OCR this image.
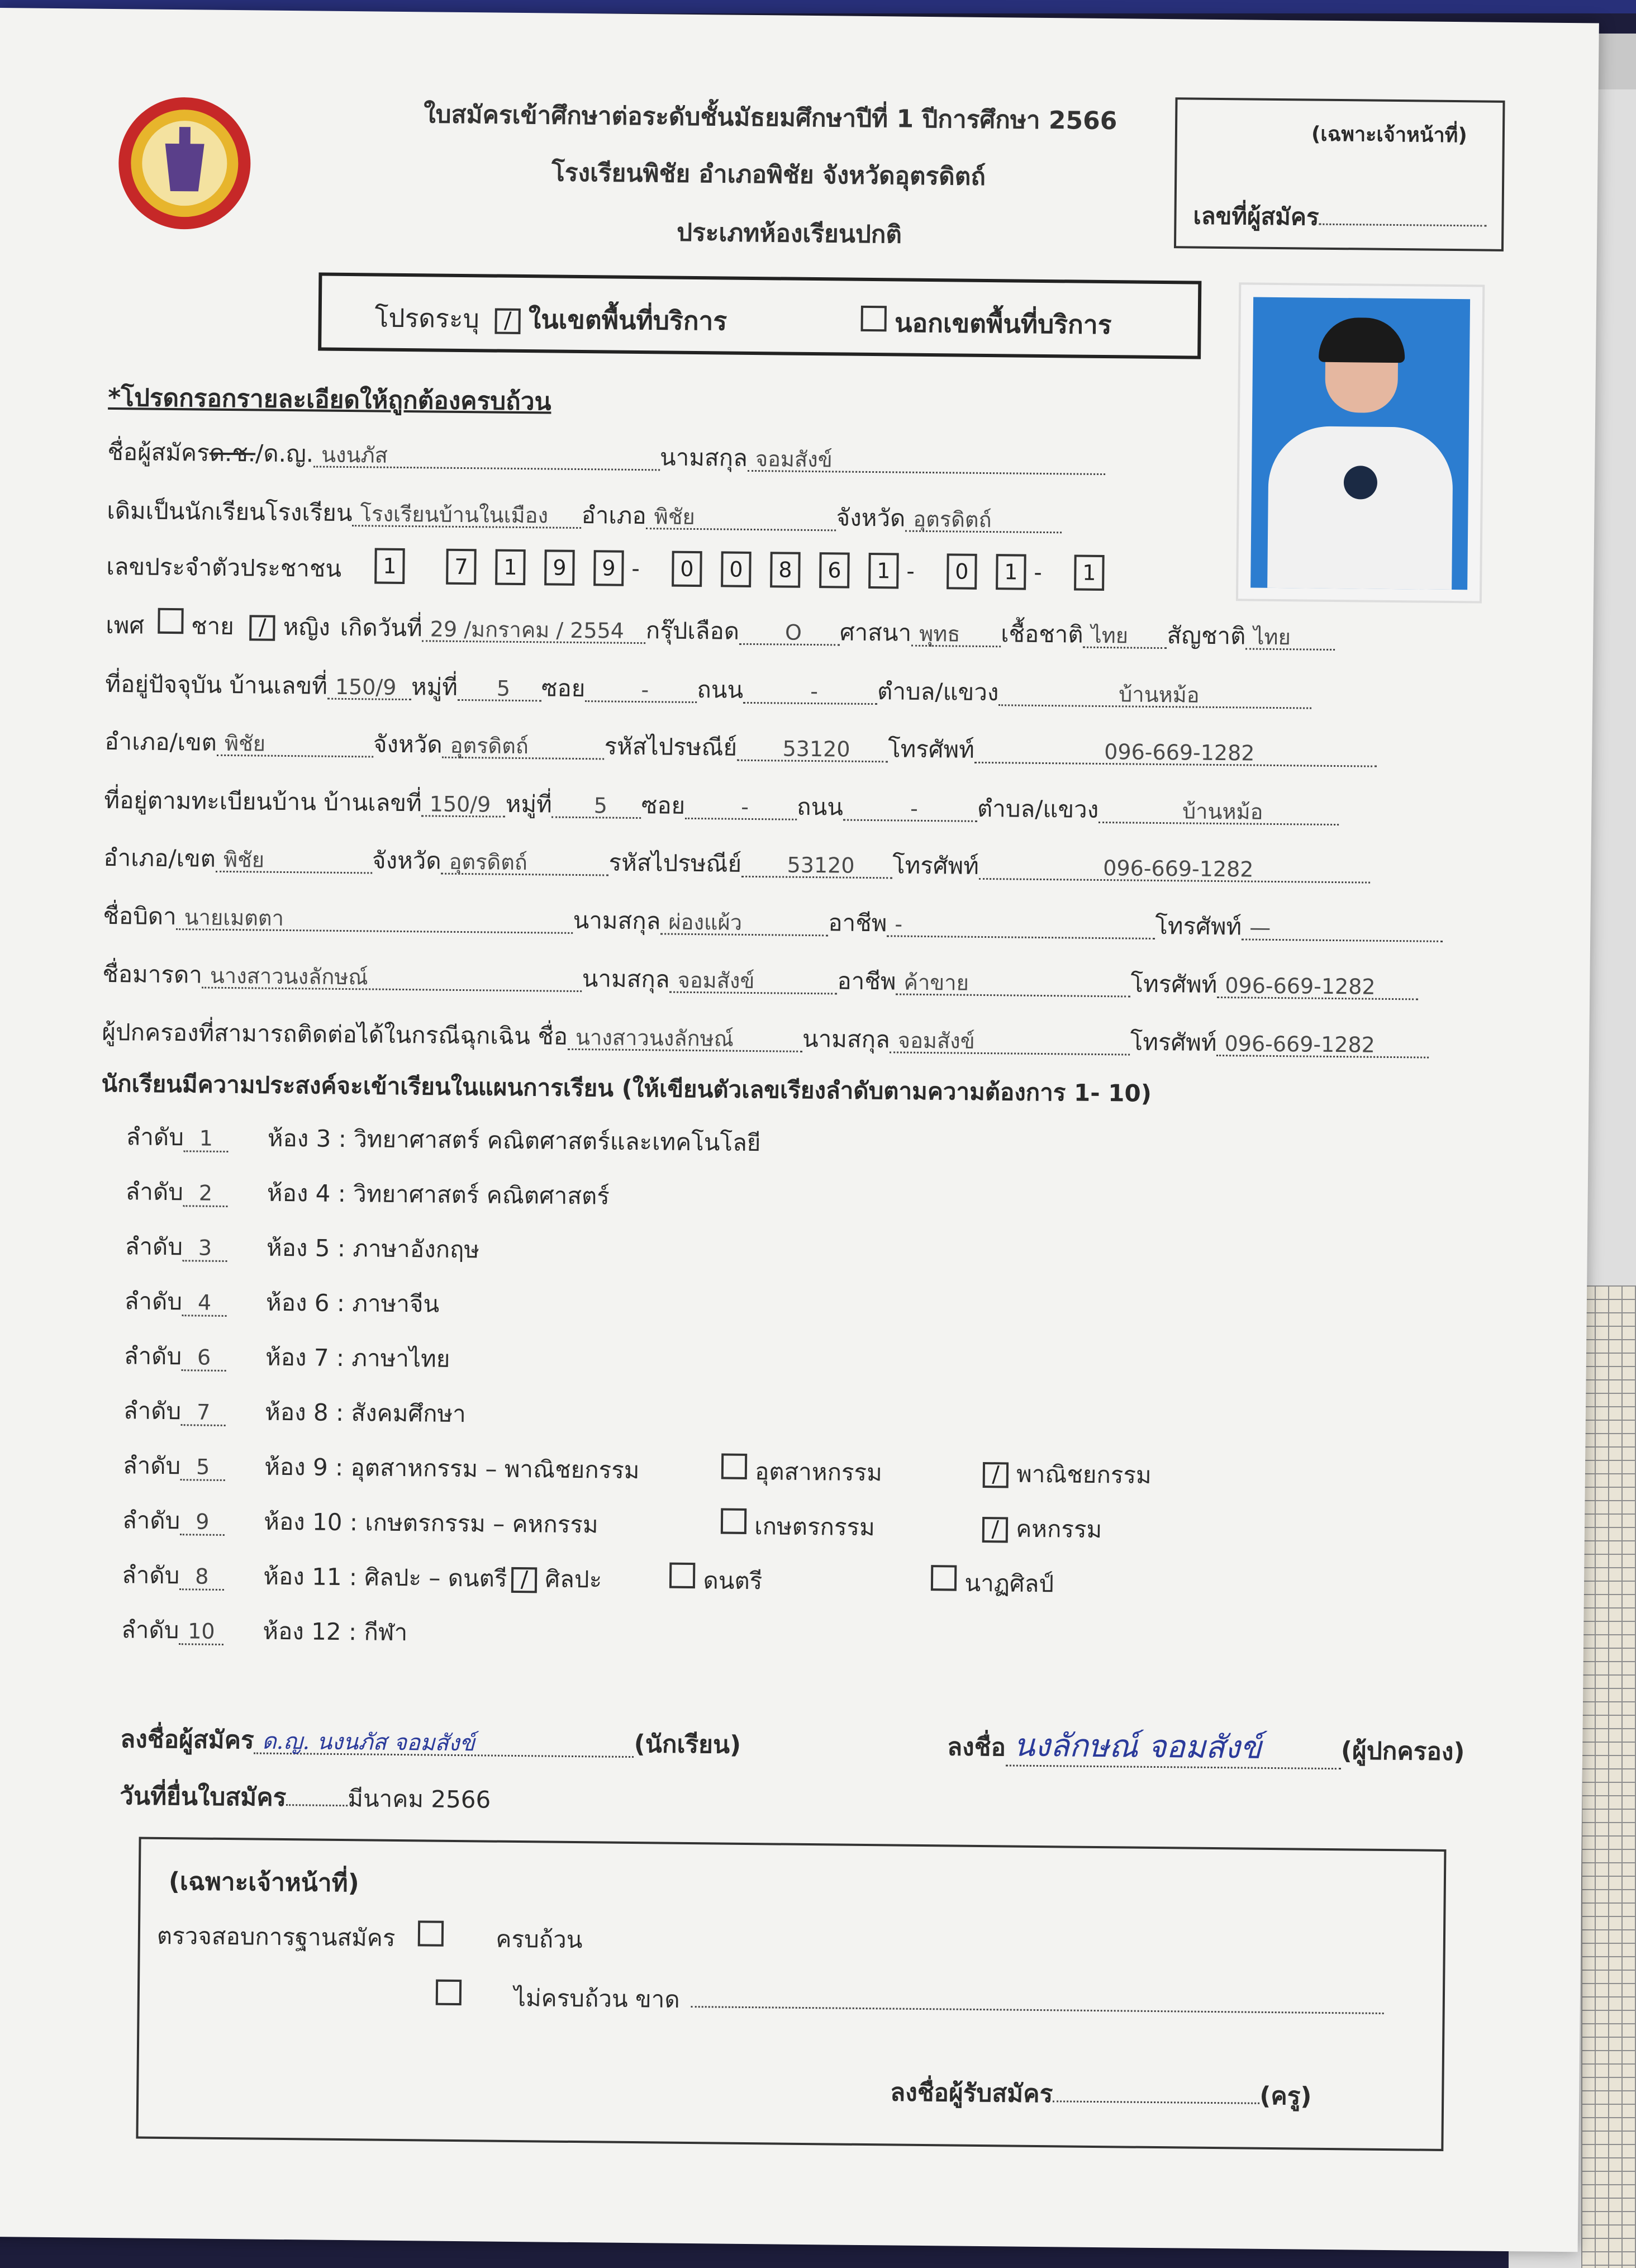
ใบสมัครเข้าศึกษาต่อระดับชั้นมัธยมศึกษาปีที่ 1 ปีการศึกษา 2566
โรงเรียนพิชัย อำเภอพิชัย จังหวัดอุตรดิตถ์
ประเภทห้องเรียนปกติ
(เฉพาะเจ้าหน้าที่)
เลขที่ผู้สมัคร
โปรดระบุ	/ ในเขตพื้นที่บริการ	นอกเขตพื้นที่บริการ
*โปรดกรอกรายละเอียดให้ถูกต้องครบถ้วน
ชื่อผู้สมัคร ด.ช. /ด.ญ. นงนภัส	นามสกุล จอมสังข์
เดิมเป็นนักเรียนโรงเรียน โรงเรียนบ้านในเมือง	อำเภอ พิชัย	จังหวัด อุตรดิตถ์
เลขประจำตัวประชาชน	1	7	1	9	9 -	0	0	8	6	1 -	0	1 -	1
เพศ ชาย	/ หญิง เกิดวันที่ 29 /มกราคม / 2554 กรุ๊ปเลือด	O	ศาสนา พุทธ	เชื้อชาติ ไทย	สัญชาติ ไทย
ที่อยู่ปัจจุบัน บ้านเลขที่ 150/9 หมู่ที่	5	ซอย	-	ถนน	-	ตำบล/แขวง	บ้านหม้อ
อำเภอ/เขต พิชัย	จังหวัด อุตรดิตถ์	รหัสไปรษณีย์	53120	โทรศัพท์	096-669-1282
ที่อยู่ตามทะเบียนบ้าน บ้านเลขที่ 150/9 หมู่ที่	5	ซอย	-	ถนน	-	ตำบล/แขวง	บ้านหม้อ
อำเภอ/เขต พิชัย	จังหวัด อุตรดิตถ์	รหัสไปรษณีย์	53120	โทรศัพท์	096-669-1282
ชื่อบิดา นายเมตตา	นามสกุล ผ่องแผ้ว	อาชีพ -	โทรศัพท์ —
ชื่อมารดา นางสาวนงลักษณ์	นามสกุล จอมสังข์	อาชีพ ค้าขาย	โทรศัพท์ 096-669-1282
ผู้ปกครองที่สามารถติดต่อได้ในกรณีฉุกเฉิน ชื่อ นางสาวนงลักษณ์	นามสกุล จอมสังข์	โทรศัพท์ 096-669-1282
นักเรียนมีความประสงค์จะเข้าเรียนในแผนการเรียน (ให้เขียนตัวเลขเรียงลำดับตามความต้องการ 1- 10)
ลำดับ 1	ห้อง 3 : วิทยาศาสตร์ คณิตศาสตร์และเทคโนโลยี
ลำดับ 2	ห้อง 4 : วิทยาศาสตร์ คณิตศาสตร์
ลำดับ 3	ห้อง 5 : ภาษาอังกฤษ
ลำดับ 4	ห้อง 6 : ภาษาจีน
ลำดับ 6	ห้อง 7 : ภาษาไทย
ลำดับ 7	ห้อง 8 : สังคมศึกษา
ลำดับ 5	ห้อง 9 : อุตสาหกรรม – พาณิชยกรรม	อุตสาหกรรม	/ พาณิชยกรรม
ลำดับ 9	ห้อง 10 : เกษตรกรรม – คหกรรม	เกษตรกรรม	/ คหกรรม
ลำดับ 8	ห้อง 11 : ศิลปะ – ดนตรี / ศิลปะ	ดนตรี	นาฏศิลป์
ลำดับ 10	ห้อง 12 : กีฬา
ลงชื่อผู้สมัคร ด.ญ. นงนภัส จอมสังข์	(นักเรียน)	ลงชื่อ นงลักษณ์ จอมสังข์	(ผู้ปกครอง)
วันที่ยื่นใบสมัคร	มีนาคม 2566
(เฉพาะเจ้าหน้าที่)
ตรวจสอบการฐานสมัคร	ครบถ้วน
ไม่ครบถ้วน ขาด
ลงชื่อผู้รับสมัคร	(ครู)
